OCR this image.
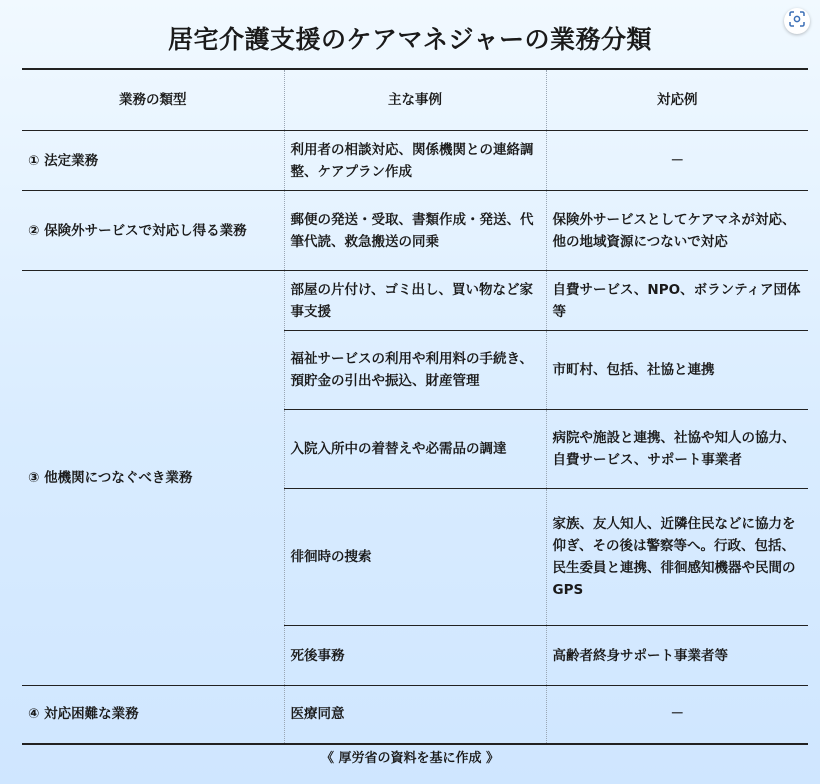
居宅介護支援のケアマネジャーの業務分類
業務の類型	主な事例	対応例
① 法定業務	利用者の相談対応、関係機関との連絡調整、ケアプラン作成	－
② 保険外サービスで対応し得る業務	郵便の発送・受取、書類作成・発送、代筆代読、救急搬送の同乗	保険外サービスとしてケアマネが対応、他の地域資源につないで対応
③ 他機関につなぐべき業務	部屋の片付け、ゴミ出し、買い物など家事支援	自費サービス、NPO、ボランティア団体等
	福祉サービスの利用や利用料の手続き、預貯金の引出や振込、財産管理	市町村、包括、社協と連携
	入院入所中の着替えや必需品の調達	病院や施設と連携、社協や知人の協力、自費サービス、サポート事業者
	徘徊時の捜索	家族、友人知人、近隣住民などに協力を仰ぎ、その後は警察等へ。行政、包括、民生委員と連携、徘徊感知機器や民間のGPS
	死後事務	高齢者終身サポート事業者等
④ 対応困難な業務	医療同意	－
《 厚労省の資料を基に作成 》
